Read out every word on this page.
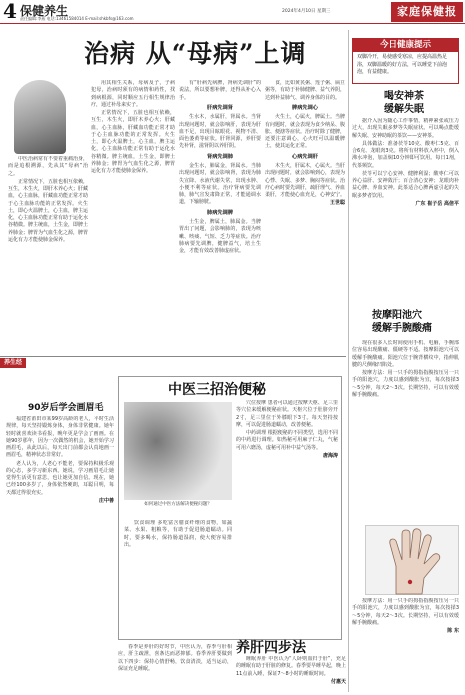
4 保健养生
责任编辑:李燕 电话:13461584014 E-mail:shkbfs@163.com
2024年4月10日 星期三	家庭保健报
治病 从“母病”上调

中医治病常有不要着重痛治身，而是追根溯源，先从其“母病”治之。

正常情况下，五脏也相互依赖，互生，木生火，即肝木养心火；肝藏血，心主血脉，肝藏血功能正常才助于心主血脉功能的正常发挥。火生土，即心火温脾土，心主血，脾主运化，心主血脉功能正常有助于运化水谷精微。脾主统血，土生金，即脾土养肺金；脾胃为气血生化之源，脾胃运化有力才能使肺金保养。

用其相生关系，母病及子，子病犯母，治病时须有的病情和药性，找到病根源，同时顺应五行相生规律治疗，通过补母来实子。

正常情况下，五脏也相互依赖，互生，木生火，即肝木养心火；肝藏血，心主血脉，肝藏血功能正常才助于心主血脉功能的正常发挥。火生土，即心火温脾土，心主血，脾主运化，心主血脉功能正常有助于运化水谷精微。脾主统血，土生金，即脾土养肺金；脾胃为气血生化之源，脾胃运化有力才能使肺金保养。

有“肝病先病脾，肾病先调肝”的说法，所以要想补脾，还得从补心入手。

肝病先调肾

生水木，水属肝，肾属水。当肾出现问题时，就会影响肝，表现为肝血不足，出现目眩眼花、视物不清、面色萎黄等症状。肝肾同源，养肝要先补肾，滋肾阴以养肝阴。

肾病先调肺

金生水，肺属金，肾属水。当肺出现问题时，就会影响肾，表现为肺失宣降、水液代谢失常，出现水肿、小便不利等症状。治疗肾病要先调肺，肺气宣发肃降正常，才能通调水道，下输膀胱。

肺病先调脾

土生金，脾属土，肺属金。当脾胃出了问题，会影响肺的，表现为咳嗽、咳痰、气短、乏力等症状。治疗肺病要先调脾，健脾益气，培土生金，才能有效改善肺虚症状。

食，比如黄芪粥、莲子粥、扁豆粥等，有助于补肺健脾、益气养阴，达到补益肺气、调养身体的目的。

脾病先调心

火生土，心属火，脾属土。当脾有问题时，就会表现为食少纳呆、腹胀、便溏等症状。治疗时除了健脾，还要注意调心，心火旺可以温暖脾土，使其运化正常。

心病先调肝

木生火，肝属木，心属火。当肝出现问题时，就会影响到心，表现为心悸、失眠、多梦、胸闷等症状。治疗心病时要先调肝，疏肝理气、养血柔肝，才能使心血充足，心神安宁。

王世聪
今日健康提示
双脚冷开，易使感受寒凉，应提高温热足浴，双脚温暖的好方法，可以睡觉下前泡泡，有益健康。
喝安神茶
缓解失眠

据介入因为随心工作事情，精神紧张或压力过大，出现失眠多梦等失眠症状。可以喝点能缓解失眠、安神助眠的茶饮——安神茶。

具体做法：准备茯苓10克、酸枣仁5克、百合6克、龙眼肉3克。将所有材料放入杯中，倒入沸水冲泡，加盖焖10分钟即可饮用。每日1剂，代茶频饮。

茯苓可以宁心安神、健脾利湿；酸枣仁可以养心益肝、安神敛汗；百合清心安神；龙眼肉补益心脾、养血安神。此茶适合心脾两虚引起的失眠多梦者饮用。

广东 崔子岳 高倍平
按摩阳池穴
缓解手腕酸痛

现在很多人长时间使用手机、电脑，手腕部位容易出现酸痛、僵硬等不适。按摩阳池穴可以缓解手腕酸痛。阳池穴位于腕背横纹中，指伸肌腱的尺侧缘凹陷处。

按摩方法：用一只手的拇指指腹按压另一只手的阳池穴，力度以感到酸胀为宜，每次按揉3～5分钟，每天2～3次。长期坚持，可以有效缓解手腕酸痛。

按摩方法：用一只手的拇指指腹按压另一只手的阳池穴，力度以感到酸胀为宜，每次按揉3～5分钟，每天2～3次。长期坚持，可以有效缓解手腕酸痛。

陈 东
养生经
90岁后学会画眉毛

福建省莆田市某99岁高龄的老人，平时生活规律，每天坚持锻炼身体，身体非常健康。她年轻时就喜欢读书看报，晚年更是学会了画画。在她90岁那年，因为一次偶然的机会，她开始学习画眉毛，从此以后，每天出门前都会认真地画一画眉毛，精神状态非常好。

老人认为，人老心不能老，要保持积极乐观的心态，多学习新东西。她说，学习画眉毛让她觉得生活更有意思，也让她更加自信。现在，她已经100多岁了，身体依然硬朗，耳聪目明，每天都过得很充实。

庄中善
中医三招治便秘
如何通过中医方法解决便秘问题？

饮食调理 多吃富含膳食纤维的食物，如蔬菜、水果、粗粮等，有助于促进肠道蠕动。同时，要多喝水，保持肠道湿润，使大便容易排出。

穴位按摩 患者可以通过按摩天枢、足三里等穴位来缓解便秘症状。天枢穴位于肚脐旁开2寸，足三里位于外膝眼下3寸。每天坚持按摩，可以促进肠道蠕动，改善便秘。

中药调理 根据便秘的不同类型，选用不同的中药进行调理。如热秘可用麻子仁丸，气秘可用六磨汤，虚秘可用补中益气汤等。

唐海涛
养肝四步法

春季是养肝的好时节，中医认为，春季与肝相应，肝主疏泄，喜条达而恶抑郁。春季养肝要做到以下四步：保持心情舒畅，饮食清淡，适当运动，保证充足睡眠。

睡眠养肝 中医认为“人卧则血归于肝”，充足的睡眠有助于肝脏的修复。春季要早睡早起，晚上11点前入睡，保证7～8小时的睡眠时间。

付惠天
